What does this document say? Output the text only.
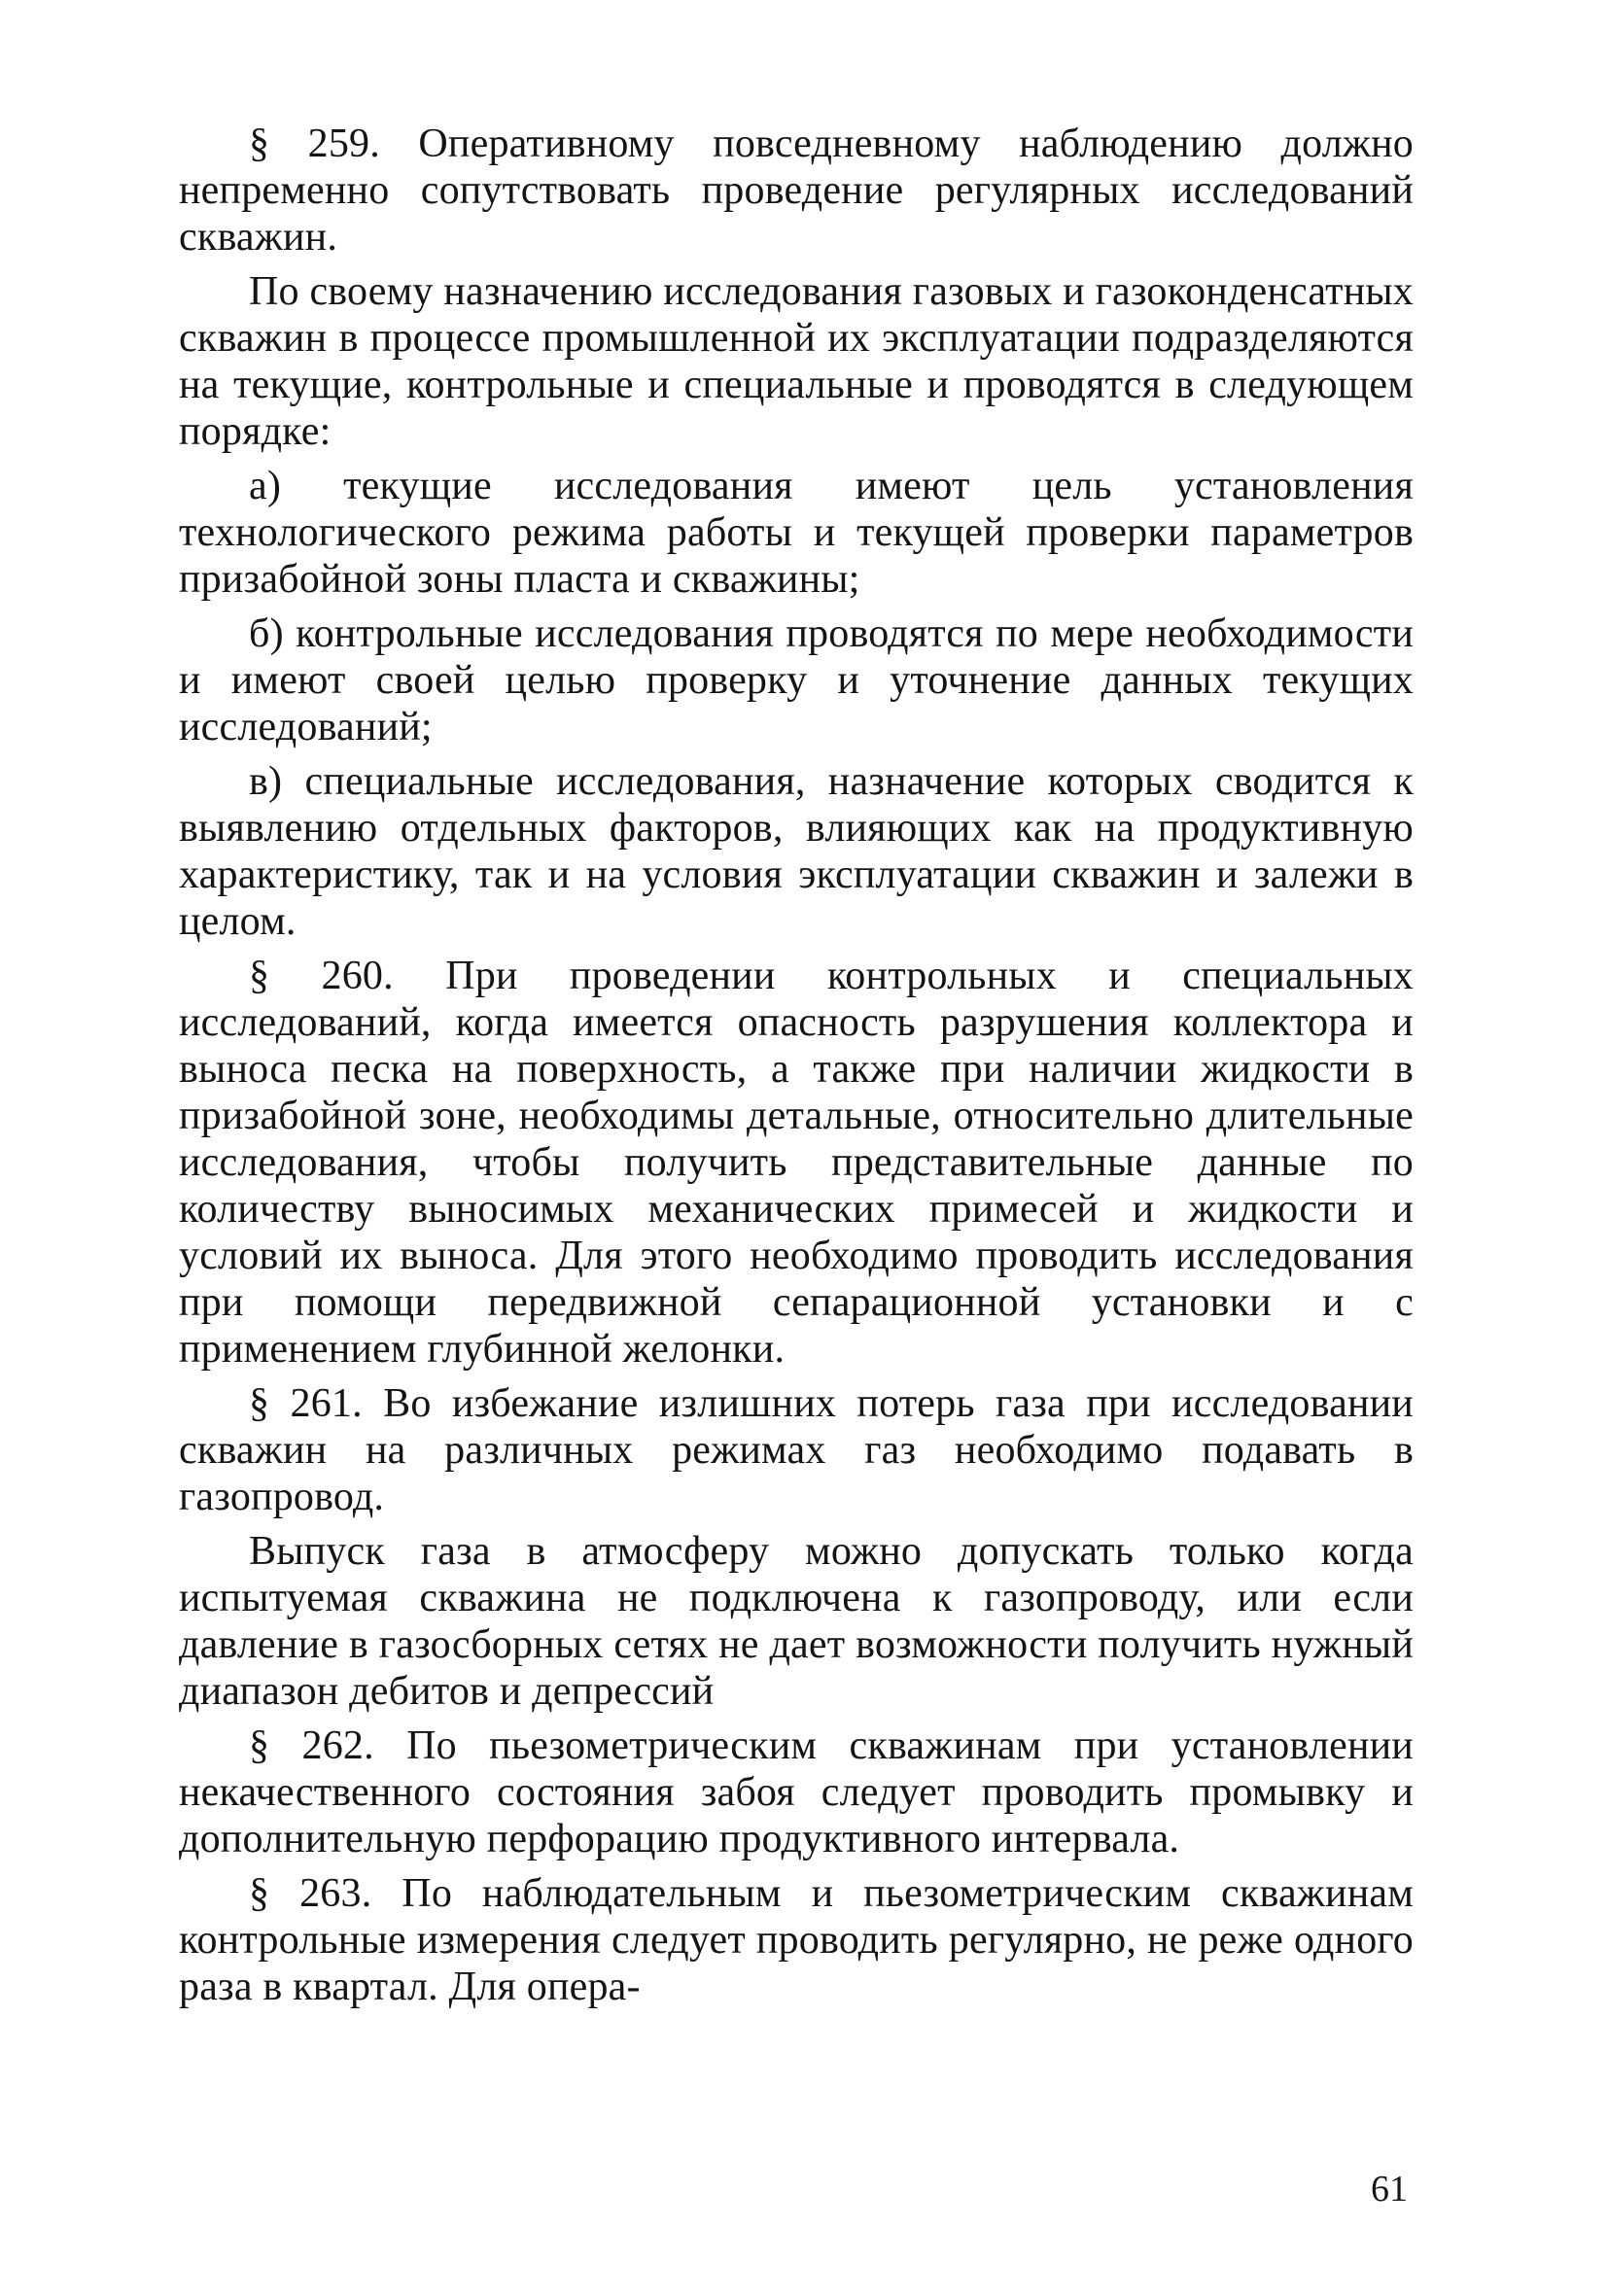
§ 259. Оперативному повседневному наблюдению должно непременно сопутствовать проведение регулярных исследований скважин.

По своему назначению исследования газовых и газоконденсатных скважин в процессе промышленной их эксплуатации подразделяются на текущие, контрольные и специальные и проводятся в следующем порядке:

а) текущие исследования имеют цель установления технологического режима работы и текущей проверки параметров призабойной зоны пласта и скважины;

б) контрольные исследования проводятся по мере необходимости и имеют своей целью проверку и уточнение данных текущих исследований;

в) специальные исследования, назначение которых сводится к выявлению отдельных факторов, влияющих как на продуктивную характеристику, так и на условия эксплуатации скважин и залежи в целом.

§ 260. При проведении контрольных и специальных исследований, когда имеется опасность разрушения коллектора и выноса песка на поверхность, а также при наличии жидкости в призабойной зоне, необходимы детальные, относительно длительные исследования, чтобы получить представительные данные по количеству выносимых механических примесей и жидкости и условий их выноса. Для этого необходимо проводить исследования при помощи передвижной сепарационной установки и с применением глубинной желонки.

§ 261. Во избежание излишних потерь газа при исследовании скважин на различных режимах газ необходимо подавать в газопровод.

Выпуск газа в атмосферу можно допускать только когда испытуемая скважина не подключена к газопроводу, или если давление в газосборных сетях не дает возможности получить нужный диапазон дебитов и депрессий

§ 262. По пьезометрическим скважинам при установлении некачественного состояния забоя следует проводить промывку и дополнительную перфорацию продуктивного интервала.

§ 263. По наблюдательным и пьезометрическим скважинам контрольные измерения следует проводить регулярно, не реже одного раза в квартал. Для опера-

61
